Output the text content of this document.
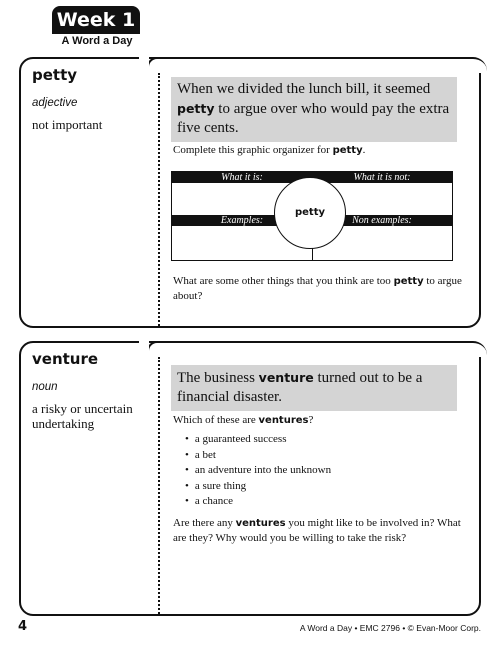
Week 1
A Word a Day
petty
adjective
not important
When we divided the lunch bill, it seemed petty to argue over who would pay the extra five cents.
Complete this graphic organizer for petty.
What it is:	What it is not:
Examples:	Non examples:
petty
What are some other things that you think are too petty to argue about?
venture
noun
a risky or uncertain undertaking
The business venture turned out to be a financial disaster.
Which of these are ventures?
• a guaranteed success
• a bet
• an adventure into the unknown
• a sure thing
• a chance
Are there any ventures you might like to be involved in? What are they? Why would you be willing to take the risk?
4	A Word a Day • EMC 2796 • © Evan-Moor Corp.
